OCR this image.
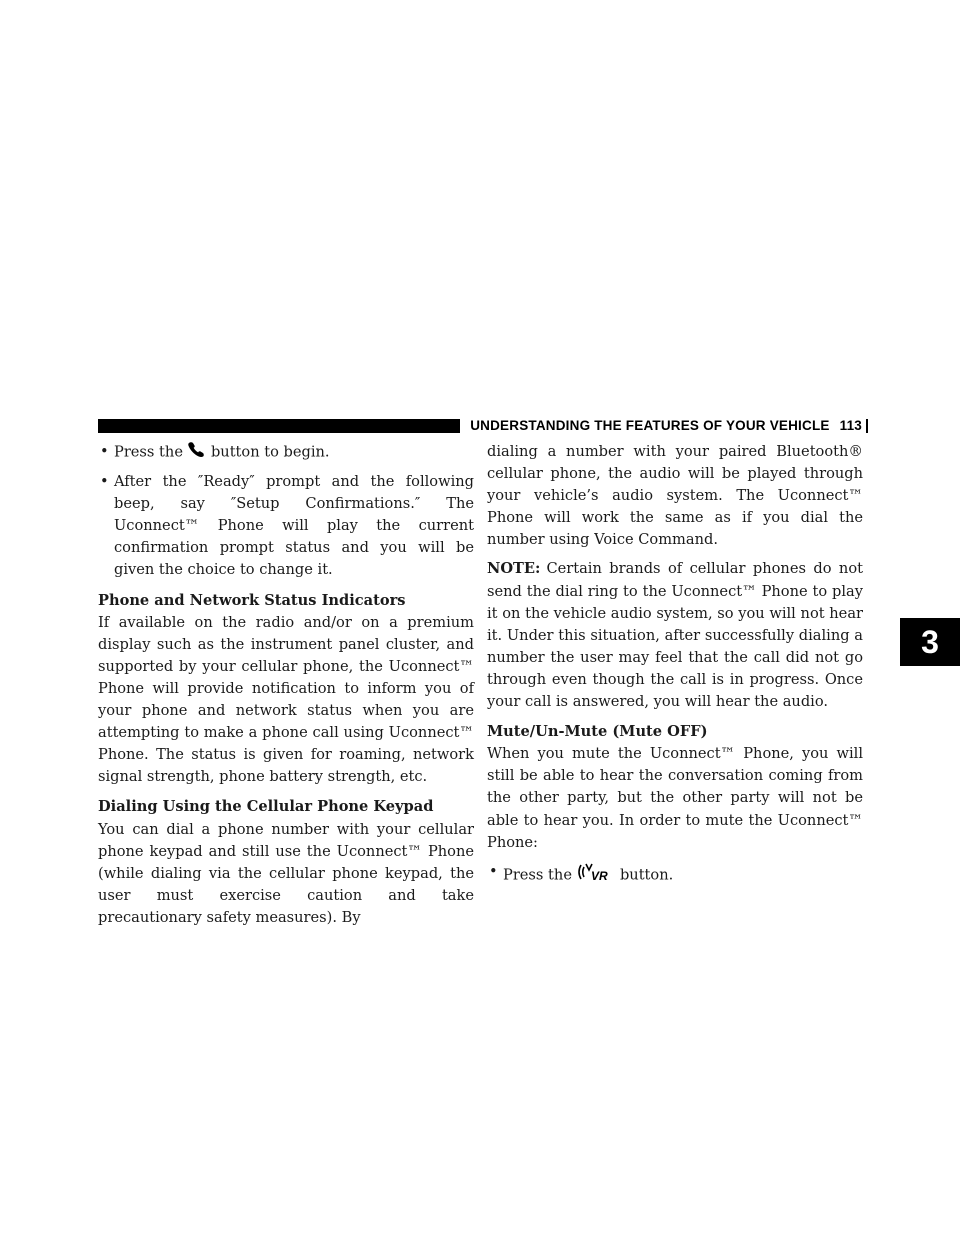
UNDERSTANDING THE FEATURES OF YOUR VEHICLE 113
3

• Press the button to begin.

• After the ″Ready″ prompt and the following beep, say ″Setup Confirmations.″ The Uconnect™ Phone will play the current confirmation prompt status and you will be given the choice to change it.

Phone and Network Status Indicators

If available on the radio and/or on a premium display such as the instrument panel cluster, and supported by your cellular phone, the Uconnect™ Phone will provide notification to inform you of your phone and network status when you are attempting to make a phone call using Uconnect™ Phone. The status is given for roaming, network signal strength, phone battery strength, etc.

Dialing Using the Cellular Phone Keypad

You can dial a phone number with your cellular phone keypad and still use the Uconnect™ Phone (while dialing via the cellular phone keypad, the user must exercise caution and take precautionary safety measures). By

dialing a number with your paired Bluetooth® cellular phone, the audio will be played through your vehicle’s audio system. The Uconnect™ Phone will work the same as if you dial the number using Voice Command.

NOTE: Certain brands of cellular phones do not send the dial ring to the Uconnect™ Phone to play it on the vehicle audio system, so you will not hear it. Under this situation, after successfully dialing a number the user may feel that the call did not go through even though the call is in progress. Once your call is answered, you will hear the audio.

Mute/Un-Mute (Mute OFF)

When you mute the Uconnect™ Phone, you will still be able to hear the conversation coming from the other party, but the other party will not be able to hear you. In order to mute the Uconnect™ Phone:

• Press the VR button.
